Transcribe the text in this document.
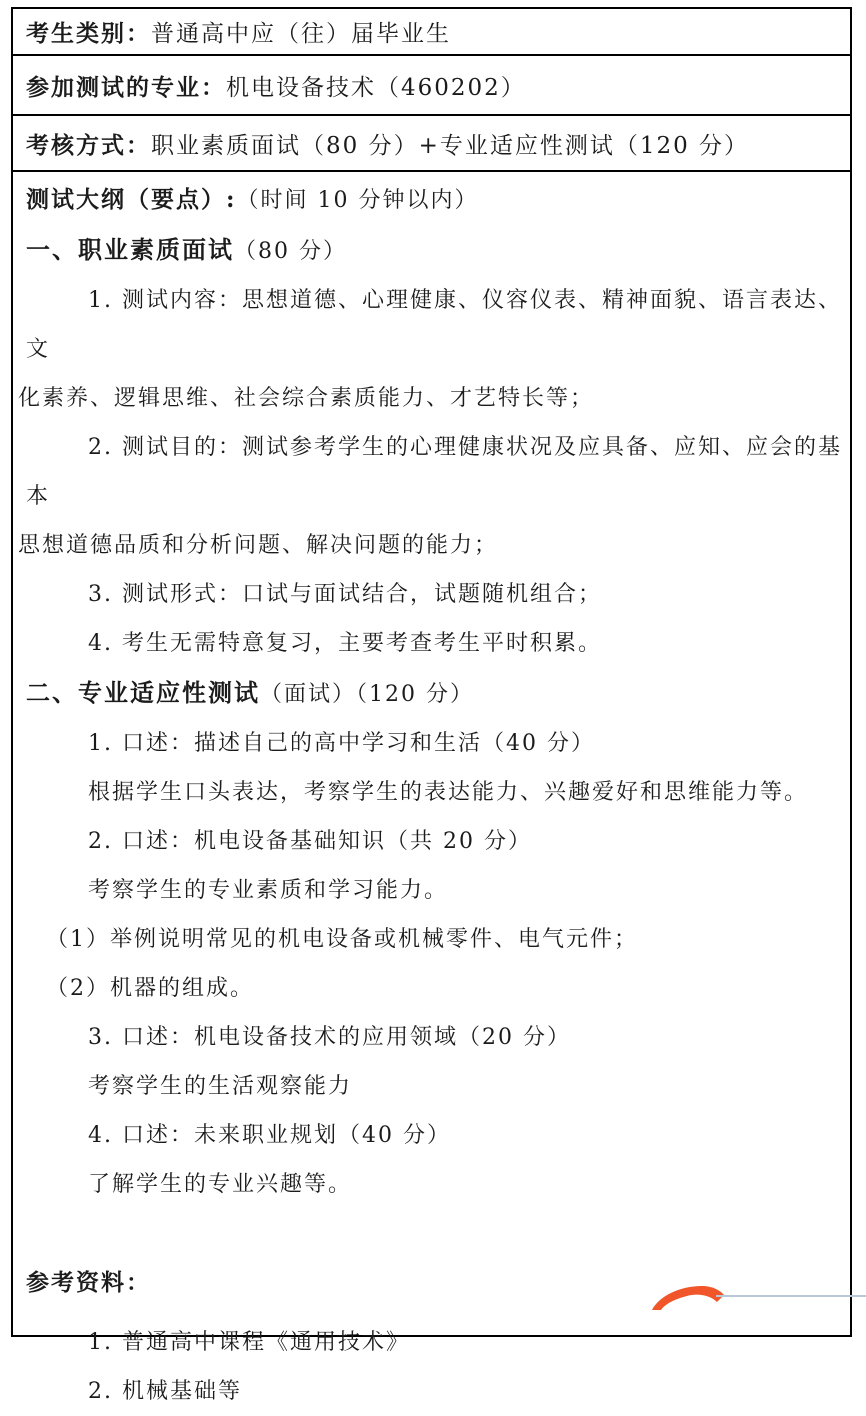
考生类别： 普通高中应（往）届毕业生
参加测试的专业： 机电设备技术（460202）
考核方式： 职业素质面试（80 分）+专业适应性测试（120 分）
测试大纲（要点）:（时间 10 分钟以内）
一、职业素质面试（80 分）
1. 测试内容：思想道德、心理健康、仪容仪表、精神面貌、语言表达、文
化素养、逻辑思维、社会综合素质能力、才艺特长等；
2. 测试目的：测试参考学生的心理健康状况及应具备、应知、应会的基本
思想道德品质和分析问题、解决问题的能力；
3. 测试形式：口试与面试结合，试题随机组合；
4. 考生无需特意复习，主要考查考生平时积累。
二、专业适应性测试（面试）（120 分）
1. 口述：描述自己的高中学习和生活（40 分）
根据学生口头表达，考察学生的表达能力、兴趣爱好和思维能力等。
2. 口述：机电设备基础知识（共 20 分）
考察学生的专业素质和学习能力。
（1）举例说明常见的机电设备或机械零件、电气元件；
（2）机器的组成。
3. 口述：机电设备技术的应用领域（20 分）
考察学生的生活观察能力
4. 口述：未来职业规划（40 分）
了解学生的专业兴趣等。
参考资料：
1. 普通高中课程《通用技术》
2. 机械基础等
